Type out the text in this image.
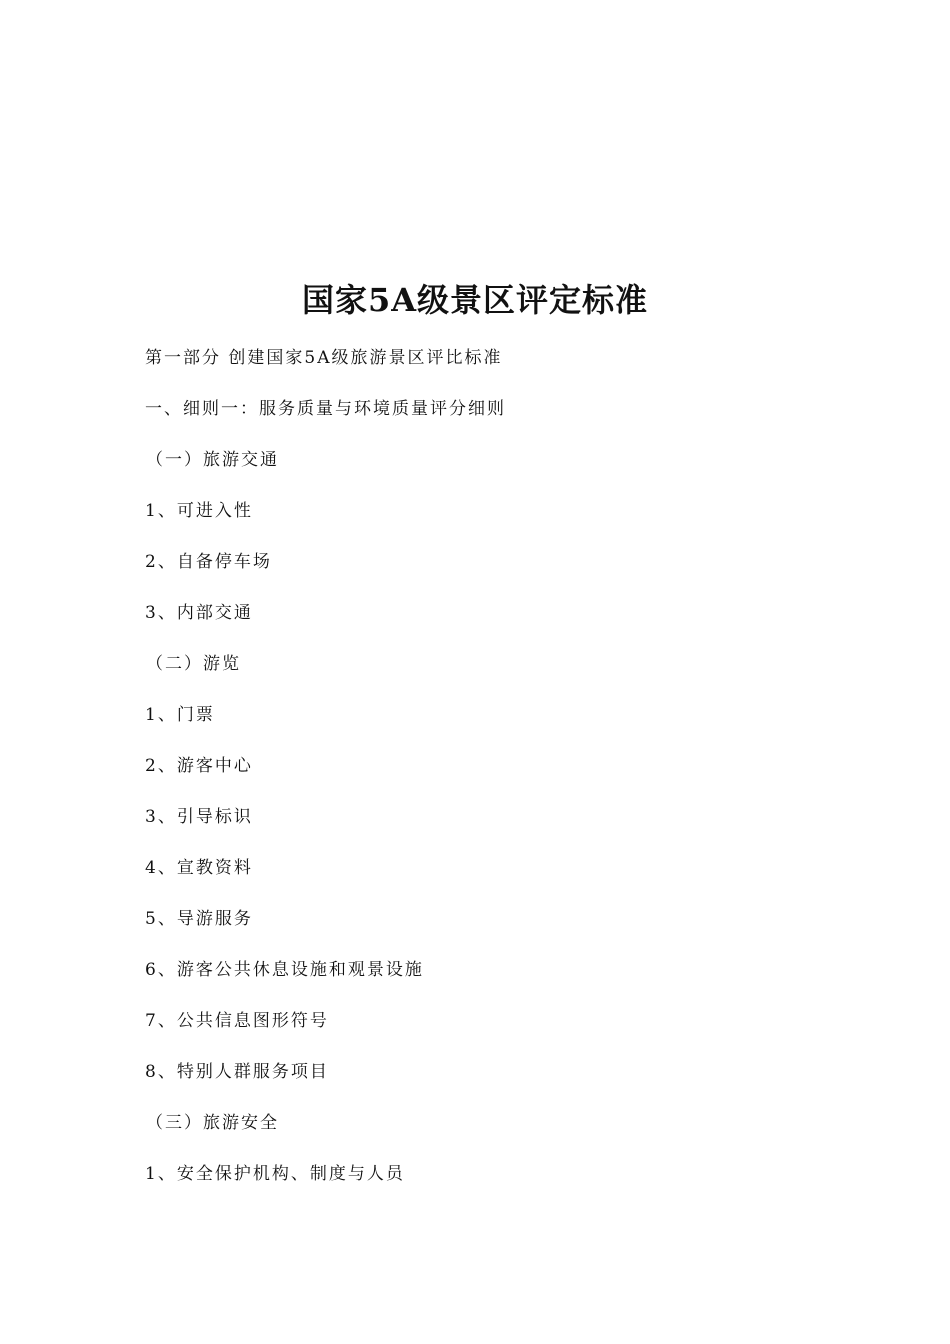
国家5A级景区评定标准
第一部分 创建国家5A级旅游景区评比标准
一、细则一：服务质量与环境质量评分细则
（一）旅游交通
1、可进入性
2、自备停车场
3、内部交通
（二）游览
1、门票
2、游客中心
3、引导标识
4、宣教资料
5、导游服务
6、游客公共休息设施和观景设施
7、公共信息图形符号
8、特别人群服务项目
（三）旅游安全
1、安全保护机构、制度与人员
